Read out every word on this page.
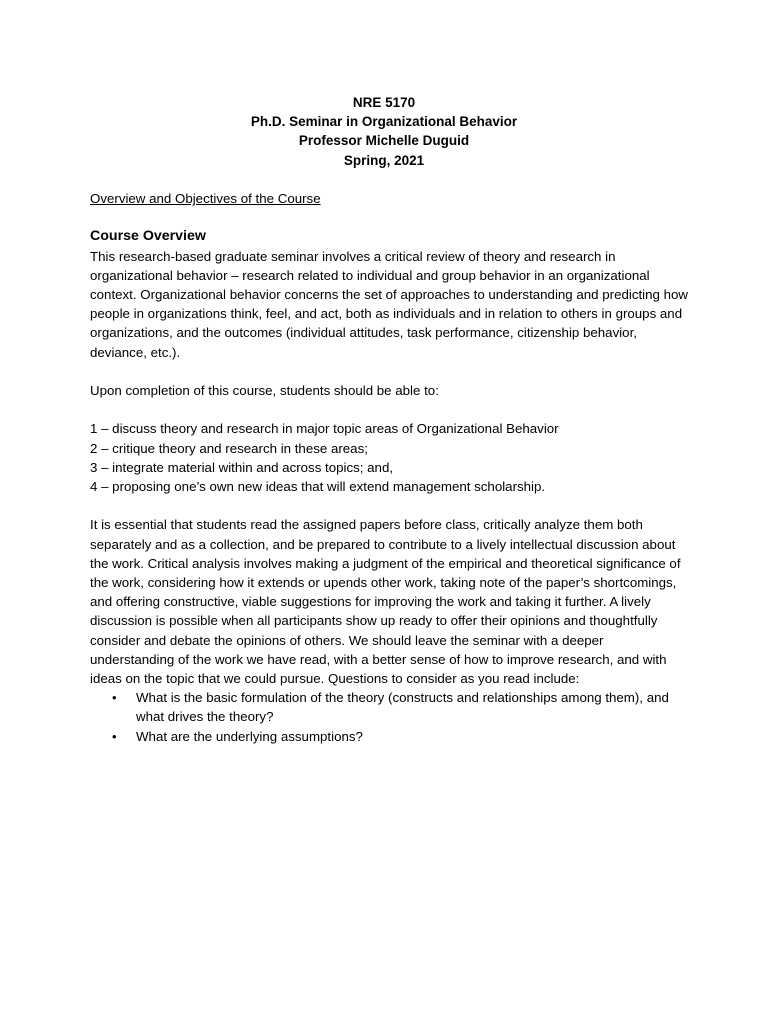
NRE 5170
Ph.D. Seminar in Organizational Behavior
Professor Michelle Duguid
Spring, 2021
Overview and Objectives of the Course
Course Overview

This research-based graduate seminar involves a critical review of theory and research in organizational behavior – research related to individual and group behavior in an organizational context. Organizational behavior concerns the set of approaches to understanding and predicting how people in organizations think, feel, and act, both as individuals and in relation to others in groups and organizations, and the outcomes (individual attitudes, task performance, citizenship behavior, deviance, etc.).

Upon completion of this course, students should be able to:

1 – discuss theory and research in major topic areas of Organizational Behavior
2 – critique theory and research in these areas;
3 – integrate material within and across topics; and,
4 – proposing one’s own new ideas that will extend management scholarship.

It is essential that students read the assigned papers before class, critically analyze them both separately and as a collection, and be prepared to contribute to a lively intellectual discussion about the work. Critical analysis involves making a judgment of the empirical and theoretical significance of the work, considering how it extends or upends other work, taking note of the paper’s shortcomings, and offering constructive, viable suggestions for improving the work and taking it further. A lively discussion is possible when all participants show up ready to offer their opinions and thoughtfully consider and debate the opinions of others. We should leave the seminar with a deeper understanding of the work we have read, with a better sense of how to improve research, and with ideas on the topic that we could pursue. Questions to consider as you read include:

• What is the basic formulation of the theory (constructs and relationships among them), and what drives the theory?
• What are the underlying assumptions?
